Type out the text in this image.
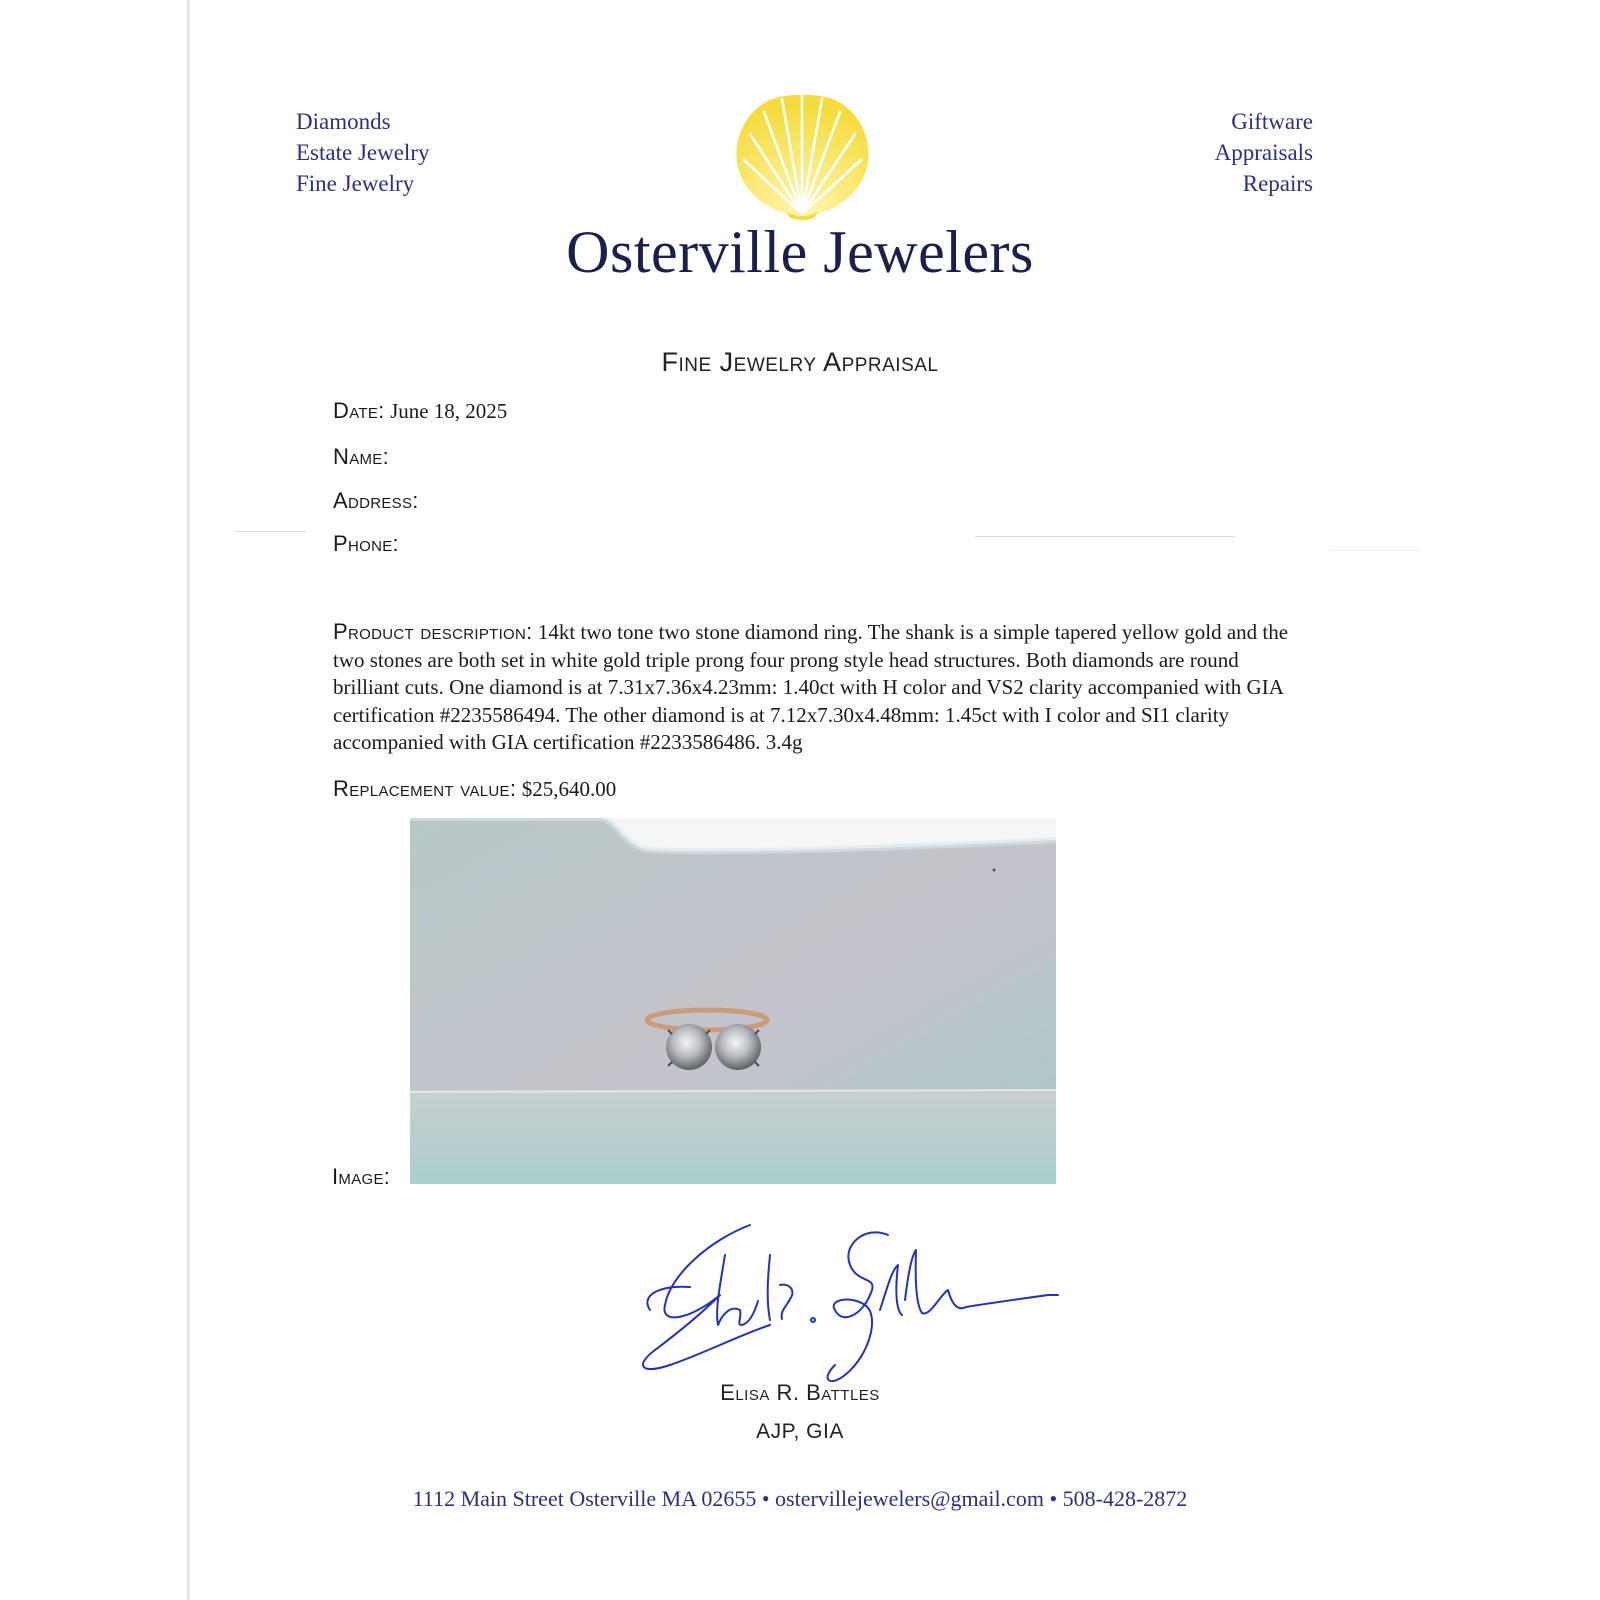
Diamonds
Estate Jewelry
Fine Jewelry
Giftware
Appraisals
Repairs
Osterville Jewelers
Fine Jewelry Appraisal
Date: June 18, 2025
Name:
Address:
Phone:
Product description: 14kt two tone two stone diamond ring. The shank is a simple tapered yellow gold and the two stones are both set in white gold triple prong four prong style head structures. Both diamonds are round brilliant cuts. One diamond is at 7.31x7.36x4.23mm: 1.40ct with H color and VS2 clarity accompanied with GIA certification #2235586494. The other diamond is at 7.12x7.30x4.48mm: 1.45ct with I color and SI1 clarity accompanied with GIA certification #2233586486. 3.4g
Replacement value: $25,640.00
Image:
Elisa R. Battles
AJP, GIA
1112 Main Street Osterville MA 02655 • ostervillejewelers@gmail.com • 508-428-2872
